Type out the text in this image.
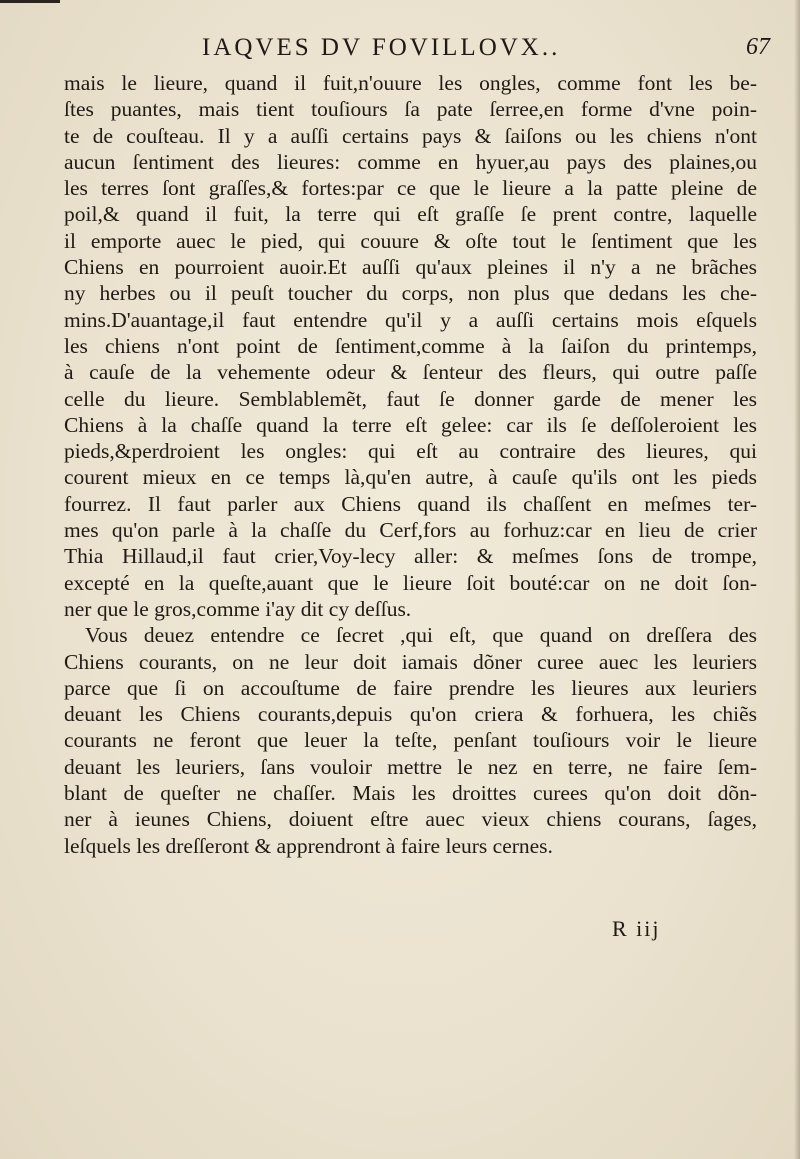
IAQVES DV FOVILLOVX..	67
mais le lieure, quand il fuit,n'ouure les ongles, comme font les be-
ſtes puantes, mais tient touſiours ſa pate ſerree,en forme d'vne poin-
te de couſteau. Il y a auſſi certains pays & ſaiſons ou les chiens n'ont
aucun ſentiment des lieures: comme en hyuer,au pays des plaines,ou
les terres ſont graſſes,& fortes:par ce que le lieure a la patte pleine de
poil,& quand il fuit, la terre qui eſt graſſe ſe prent contre, laquelle
il emporte auec le pied, qui couure & oſte tout le ſentiment que les
Chiens en pourroient auoir.Et auſſi qu'aux pleines il n'y a ne brãches
ny herbes ou il peuſt toucher du corps, non plus que dedans les che-
mins.D'auantage,il faut entendre qu'il y a auſſi certains mois eſquels
les chiens n'ont point de ſentiment,comme à la ſaiſon du printemps,
à cauſe de la vehemente odeur & ſenteur des fleurs, qui outre paſſe
celle du lieure. Semblablemẽt, faut ſe donner garde de mener les
Chiens à la chaſſe quand la terre eſt gelee: car ils ſe deſſoleroient les
pieds,&perdroient les ongles: qui eſt au contraire des lieures, qui
courent mieux en ce temps là,qu'en autre, à cauſe qu'ils ont les pieds
fourrez. Il faut parler aux Chiens quand ils chaſſent en meſmes ter-
mes qu'on parle à la chaſſe du Cerf,fors au forhuz:car en lieu de crier
Thia Hillaud,il faut crier,Voy-lecy aller: & meſmes ſons de trompe,
excepté en la queſte,auant que le lieure ſoit bouté:car on ne doit ſon-
ner que le gros,comme i'ay dit cy deſſus.
Vous deuez entendre ce ſecret ,qui eſt, que quand on dreſſera des
Chiens courants, on ne leur doit iamais dõner curee auec les leuriers
parce que ſi on accouſtume de faire prendre les lieures aux leuriers
deuant les Chiens courants,depuis qu'on criera & forhuera, les chiẽs
courants ne feront que leuer la teſte, penſant touſiours voir le lieure
deuant les leuriers, ſans vouloir mettre le nez en terre, ne faire ſem-
blant de queſter ne chaſſer. Mais les droittes curees qu'on doit dõn-
ner à ieunes Chiens, doiuent eſtre auec vieux chiens courans, ſages,
leſquels les dreſſeront & apprendront à faire leurs cernes.
R iij
